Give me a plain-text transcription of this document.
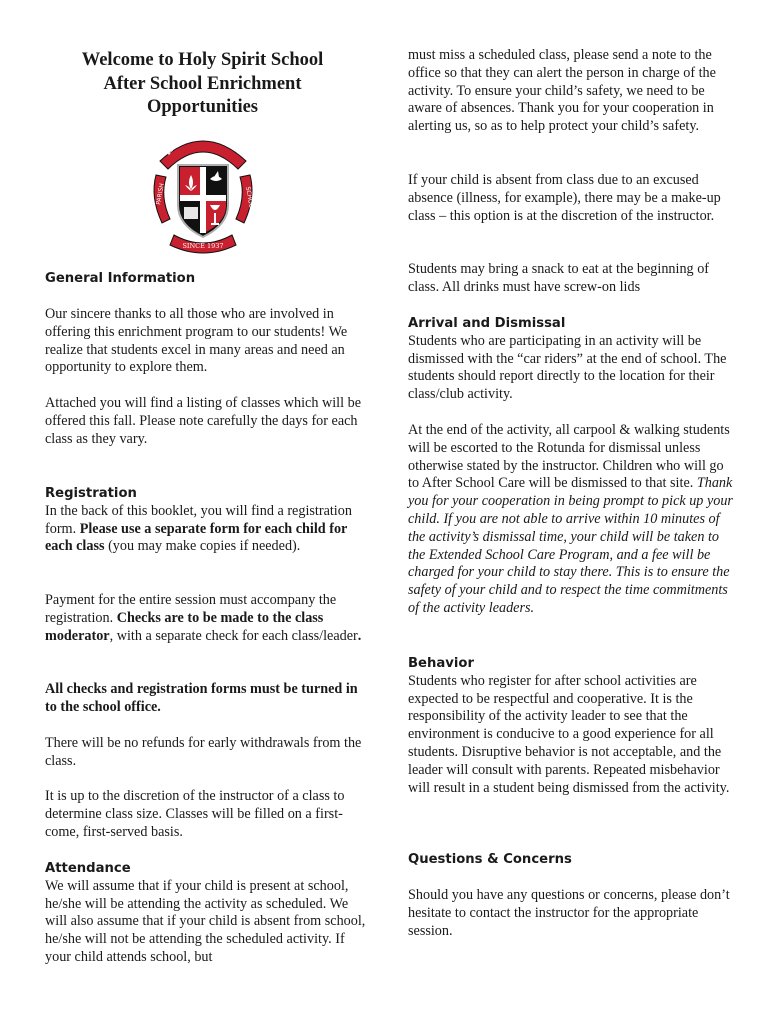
Welcome to Holy Spirit School
After School Enrichment
Opportunities
HOLY SPIRIT
PARISH	SCHOOL
SINCE 1937
General Information

Our sincere thanks to all those who are involved in offering this enrichment program to our students! We realize that students excel in many areas and need an opportunity to explore them.

Attached you will find a listing of classes which will be offered this fall. Please note carefully the days for each class as they vary.

Registration

In the back of this booklet, you will find a registration form. Please use a separate form for each child for each class (you may make copies if needed).

Payment for the entire session must accompany the registration. Checks are to be made to the class moderator, with a separate check for each class/leader.

All checks and registration forms must be turned in to the school office.

There will be no refunds for early withdrawals from the class.

It is up to the discretion of the instructor of a class to determine class size. Classes will be filled on a first-come, first-served basis.

Attendance

We will assume that if your child is present at school, he/she will be attending the activity as scheduled. We will also assume that if your child is absent from school, he/she will not be attending the scheduled activity. If your child attends school, but

must miss a scheduled class, please send a note to the office so that they can alert the person in charge of the activity. To ensure your child’s safety, we need to be aware of absences. Thank you for your cooperation in alerting us, so as to help protect your child’s safety.

If your child is absent from class due to an excused absence (illness, for example), there may be a make-up class – this option is at the discretion of the instructor.

Students may bring a snack to eat at the beginning of class. All drinks must have screw-on lids

Arrival and Dismissal

Students who are participating in an activity will be dismissed with the “car riders” at the end of school. The students should report directly to the location for their class/club activity.

At the end of the activity, all carpool & walking students will be escorted to the Rotunda for dismissal unless otherwise stated by the instructor. Children who will go to After School Care will be dismissed to that site. Thank you for your cooperation in being prompt to pick up your child. If you are not able to arrive within 10 minutes of the activity’s dismissal time, your child will be taken to the Extended School Care Program, and a fee will be charged for your child to stay there. This is to ensure the safety of your child and to respect the time commitments of the activity leaders.

Behavior

Students who register for after school activities are expected to be respectful and cooperative. It is the responsibility of the activity leader to see that the environment is conducive to a good experience for all students. Disruptive behavior is not acceptable, and the leader will consult with parents. Repeated misbehavior will result in a student being dismissed from the activity.

Questions & Concerns

Should you have any questions or concerns, please don’t hesitate to contact the instructor for the appropriate session.
